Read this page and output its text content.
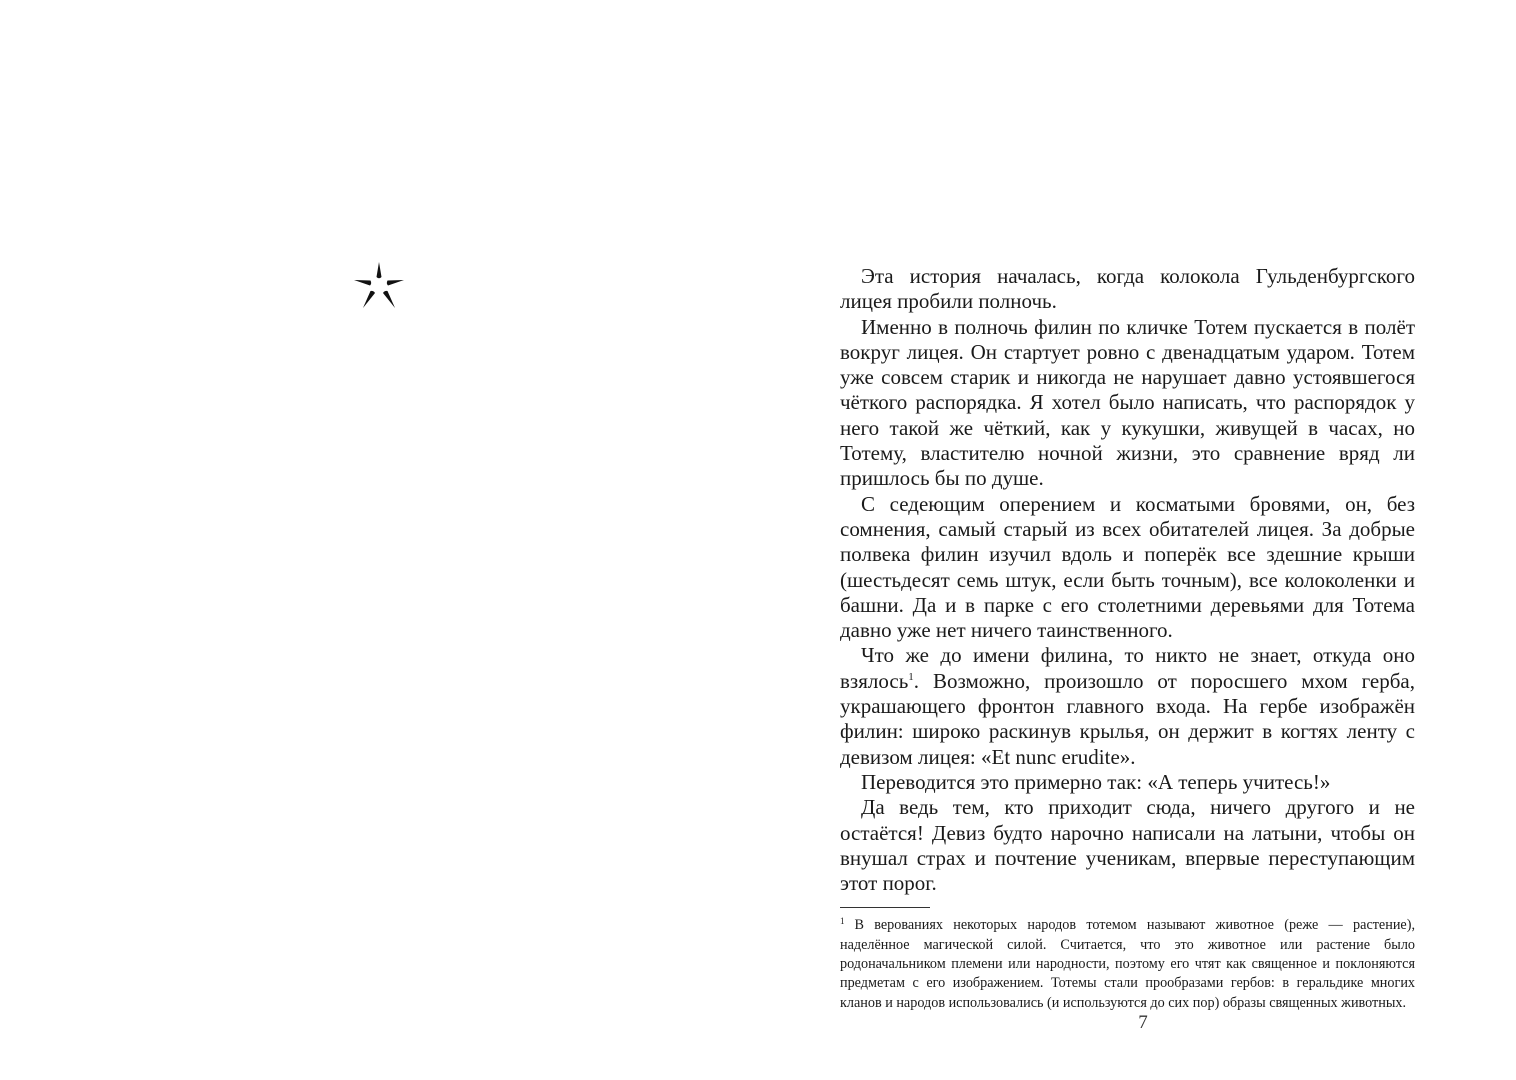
Эта история началась, когда колокола Гульденбургского лицея пробили полночь.

Именно в полночь филин по кличке Тотем пускается в полёт вокруг лицея. Он стартует ровно с двенадцатым ударом. Тотем уже совсем старик и никогда не нарушает давно устоявшегося чёткого распорядка. Я хотел было написать, что распорядок у него такой же чёткий, как у кукушки, живущей в часах, но Тотему, властителю ночной жизни, это сравнение вряд ли пришлось бы по душе.

С седеющим оперением и косматыми бровями, он, без сомнения, самый старый из всех обитателей лицея. За добрые полвека филин изучил вдоль и поперёк все здешние крыши (шестьдесят семь штук, если быть точным), все колоколенки и башни. Да и в парке с его столетними деревьями для Тотема давно уже нет ничего таинственного.

Что же до имени филина, то никто не знает, откуда оно взялось$^1$. Возможно, произошло от поросшего мхом герба, украшающего фронтон главного входа. На гербе изображён филин: широко раскинув крылья, он держит в когтях ленту с девизом лицея: «Et nunc erudite».

Переводится это примерно так: «А теперь учитесь!»

Да ведь тем, кто приходит сюда, ничего другого и не остаётся! Девиз будто нарочно написали на латыни, чтобы он внушал страх и почтение ученикам, впервые переступающим этот порог.

$^1$ В верованиях некоторых народов тотемом называют животное (реже — растение), наделённое магической силой. Считается, что это животное или растение было родоначальником племени или народности, поэтому его чтят как священное и поклоняются предметам с его изображением. Тотемы стали прообразами гербов: в геральдике многих кланов и народов использовались (и используются до сих пор) образы священных животных.

7
